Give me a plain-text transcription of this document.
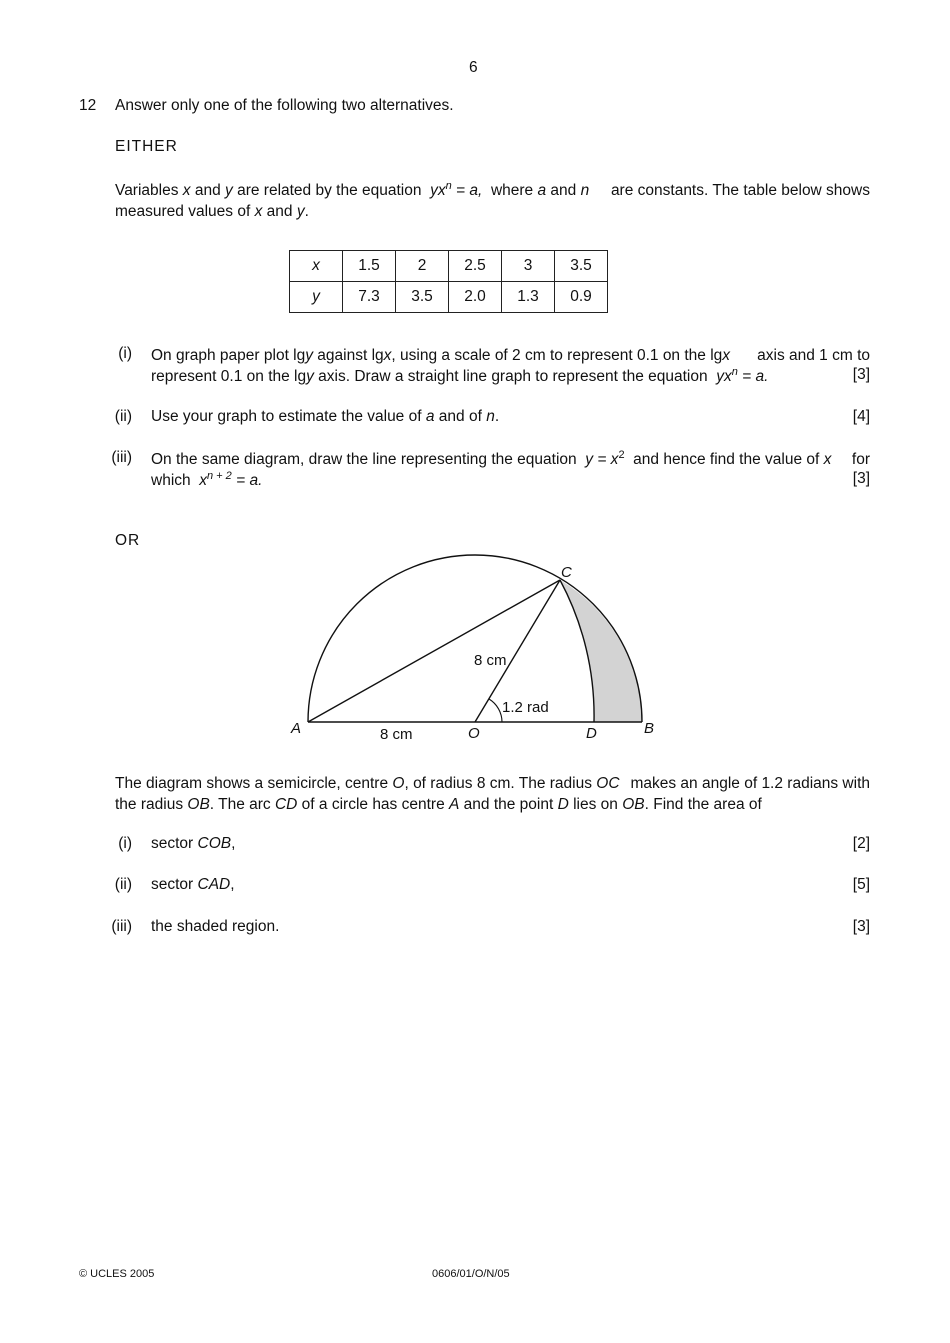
6
12 Answer only one of the following two alternatives.
EITHER
Variables x and y are related by the equation  $yx^n = a$,  where a and n are constants. The table below shows
measured values of x and y.
x	1.5	2	2.5	3	3.5
y	7.3	3.5	2.0	1.3	0.9
(i) On graph paper plot lgy against lgx, using a scale of 2 cm to represent 0.1 on the lgx axis and 1 cm to
represent 0.1 on the lgy axis. Draw a straight line graph to represent the equation  $yx^n = a$.	[3]
(ii) Use your graph to estimate the value of a and of n.	[4]
(iii) On the same diagram, draw the line representing the equation  $y = x^2$  and hence find the value of x for
which  $x^{n + 2} = a$.	[3]
OR
A	B
C
D
O
8 cm
8 cm
1.2 rad
The diagram shows a semicircle, centre O, of radius 8 cm. The radius OC makes an angle of 1.2 radians with
the radius OB. The arc CD of a circle has centre A and the point D lies on OB. Find the area of
(i) sector COB,	[2]
(ii) sector CAD,	[5]
(iii) the shaded region.	[3]
© UCLES 2005	0606/01/O/N/05
